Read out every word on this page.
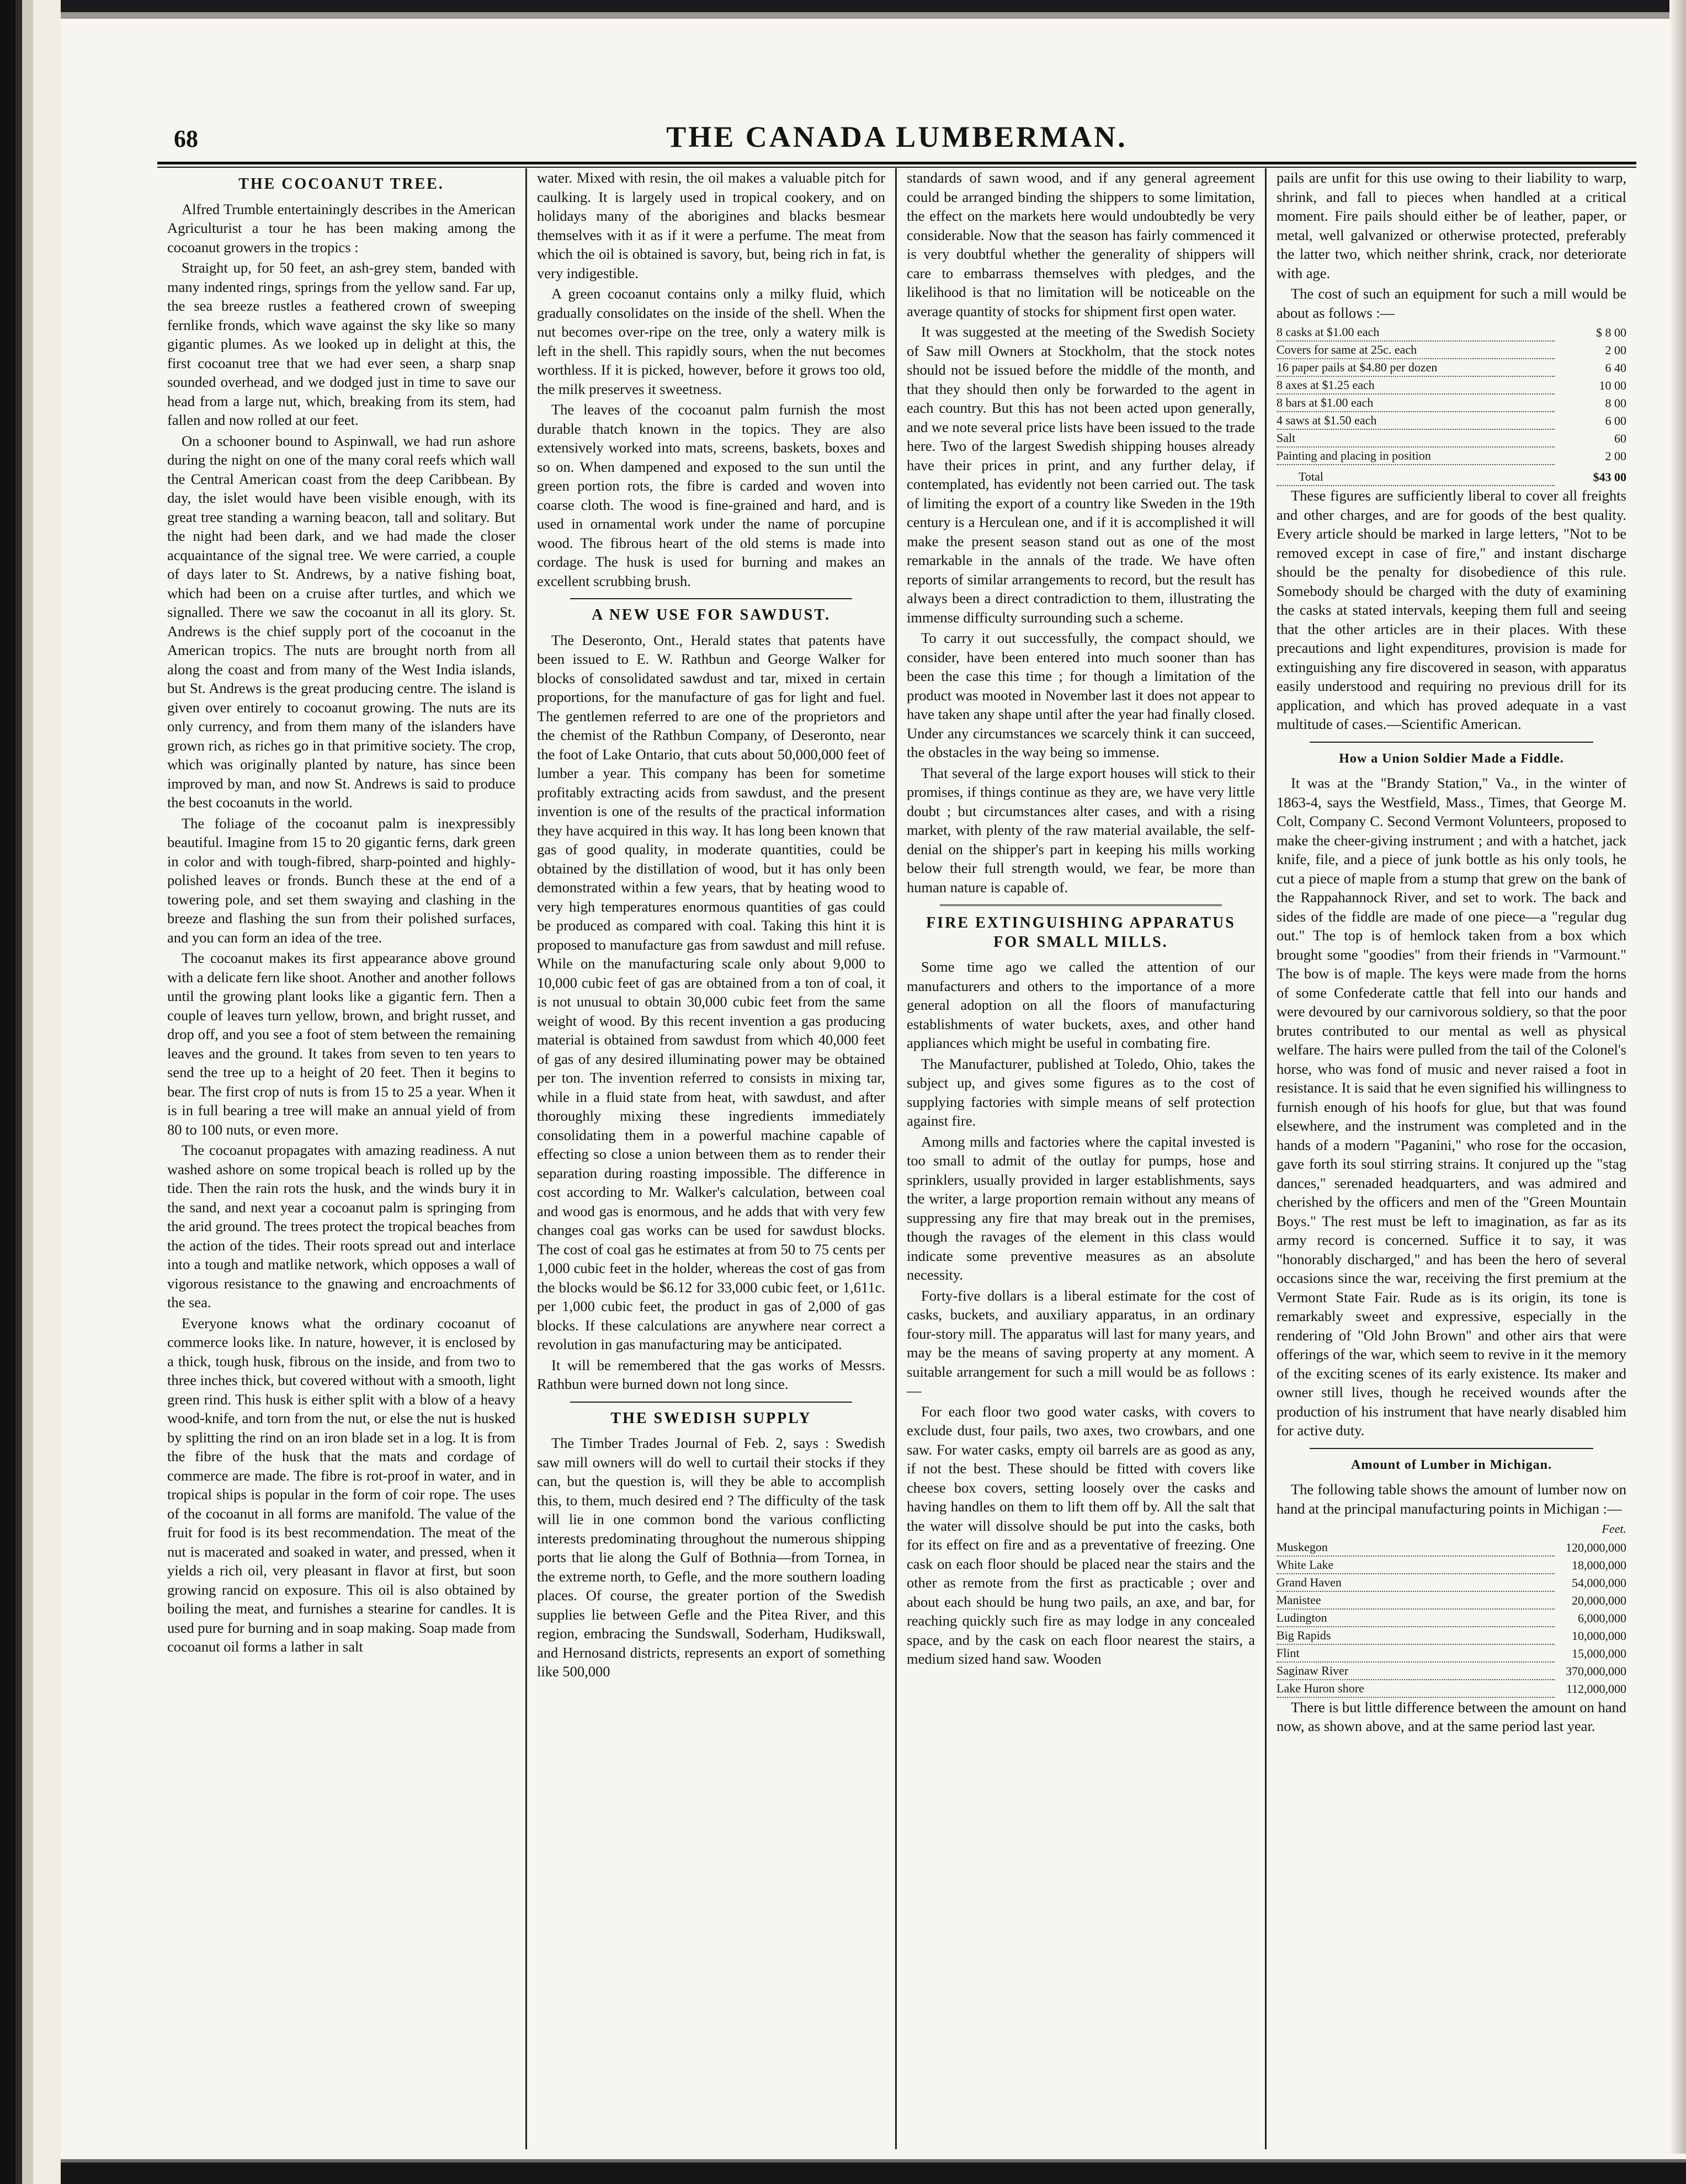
68	THE CANADA LUMBERMAN.
THE COCOANUT TREE.

Alfred Trumble entertainingly describes in the American Agriculturist a tour he has been making among the cocoanut growers in the tropics :

Straight up, for 50 feet, an ash-grey stem, banded with many indented rings, springs from the yellow sand. Far up, the sea breeze rustles a feathered crown of sweeping fernlike fronds, which wave against the sky like so many gigantic plumes. As we looked up in delight at this, the first cocoanut tree that we had ever seen, a sharp snap sounded overhead, and we dodged just in time to save our head from a large nut, which, breaking from its stem, had fallen and now rolled at our feet.

On a schooner bound to Aspinwall, we had run ashore during the night on one of the many coral reefs which wall the Central American coast from the deep Caribbean. By day, the islet would have been visible enough, with its great tree standing a warning beacon, tall and solitary. But the night had been dark, and we had made the closer acquaintance of the signal tree. We were carried, a couple of days later to St. Andrews, by a native fishing boat, which had been on a cruise after turtles, and which we signalled. There we saw the cocoanut in all its glory. St. Andrews is the chief supply port of the cocoanut in the American tropics. The nuts are brought north from all along the coast and from many of the West India islands, but St. Andrews is the great producing centre. The island is given over entirely to cocoanut growing. The nuts are its only currency, and from them many of the islanders have grown rich, as riches go in that primitive society. The crop, which was originally planted by nature, has since been improved by man, and now St. Andrews is said to produce the best cocoanuts in the world.

The foliage of the cocoanut palm is inexpressibly beautiful. Imagine from 15 to 20 gigantic ferns, dark green in color and with tough-fibred, sharp-pointed and highly-polished leaves or fronds. Bunch these at the end of a towering pole, and set them swaying and clashing in the breeze and flashing the sun from their polished surfaces, and you can form an idea of the tree.

The cocoanut makes its first appearance above ground with a delicate fern like shoot. Another and another follows until the growing plant looks like a gigantic fern. Then a couple of leaves turn yellow, brown, and bright russet, and drop off, and you see a foot of stem between the remaining leaves and the ground. It takes from seven to ten years to send the tree up to a height of 20 feet. Then it begins to bear. The first crop of nuts is from 15 to 25 a year. When it is in full bearing a tree will make an annual yield of from 80 to 100 nuts, or even more.

The cocoanut propagates with amazing readiness. A nut washed ashore on some tropical beach is rolled up by the tide. Then the rain rots the husk, and the winds bury it in the sand, and next year a cocoanut palm is springing from the arid ground. The trees protect the tropical beaches from the action of the tides. Their roots spread out and interlace into a tough and matlike network, which opposes a wall of vigorous resistance to the gnawing and encroachments of the sea.

Everyone knows what the ordinary cocoanut of commerce looks like. In nature, however, it is enclosed by a thick, tough husk, fibrous on the inside, and from two to three inches thick, but covered without with a smooth, light green rind. This husk is either split with a blow of a heavy wood-knife, and torn from the nut, or else the nut is husked by splitting the rind on an iron blade set in a log. It is from the fibre of the husk that the mats and cordage of commerce are made. The fibre is rot-proof in water, and in tropical ships is popular in the form of coir rope. The uses of the cocoanut in all forms are manifold. The value of the fruit for food is its best recommendation. The meat of the nut is macerated and soaked in water, and pressed, when it yields a rich oil, very pleasant in flavor at first, but soon growing rancid on exposure. This oil is also obtained by boiling the meat, and furnishes a stearine for candles. It is used pure for burning and in soap making. Soap made from cocoanut oil forms a lather in salt

water. Mixed with resin, the oil makes a valuable pitch for caulking. It is largely used in tropical cookery, and on holidays many of the aborigines and blacks besmear themselves with it as if it were a perfume. The meat from which the oil is obtained is savory, but, being rich in fat, is very indigestible.

A green cocoanut contains only a milky fluid, which gradually consolidates on the inside of the shell. When the nut becomes over-ripe on the tree, only a watery milk is left in the shell. This rapidly sours, when the nut becomes worthless. If it is picked, however, before it grows too old, the milk preserves it sweetness.

The leaves of the cocoanut palm furnish the most durable thatch known in the topics. They are also extensively worked into mats, screens, baskets, boxes and so on. When dampened and exposed to the sun until the green portion rots, the fibre is carded and woven into coarse cloth. The wood is fine-grained and hard, and is used in ornamental work under the name of porcupine wood. The fibrous heart of the old stems is made into cordage. The husk is used for burning and makes an excellent scrubbing brush.

A NEW USE FOR SAWDUST.

The Deseronto, Ont., Herald states that patents have been issued to E. W. Rathbun and George Walker for blocks of consolidated sawdust and tar, mixed in certain proportions, for the manufacture of gas for light and fuel. The gentlemen referred to are one of the proprietors and the chemist of the Rathbun Company, of Deseronto, near the foot of Lake Ontario, that cuts about 50,000,000 feet of lumber a year. This company has been for sometime profitably extracting acids from sawdust, and the present invention is one of the results of the practical information they have acquired in this way. It has long been known that gas of good quality, in moderate quantities, could be obtained by the distillation of wood, but it has only been demonstrated within a few years, that by heating wood to very high temperatures enormous quantities of gas could be produced as compared with coal. Taking this hint it is proposed to manufacture gas from sawdust and mill refuse. While on the manufacturing scale only about 9,000 to 10,000 cubic feet of gas are obtained from a ton of coal, it is not unusual to obtain 30,000 cubic feet from the same weight of wood. By this recent invention a gas producing material is obtained from sawdust from which 40,000 feet of gas of any desired illuminating power may be obtained per ton. The invention referred to consists in mixing tar, while in a fluid state from heat, with sawdust, and after thoroughly mixing these ingredients immediately consolidating them in a powerful machine capable of effecting so close a union between them as to render their separation during roasting impossible. The difference in cost according to Mr. Walker's calculation, between coal and wood gas is enormous, and he adds that with very few changes coal gas works can be used for sawdust blocks. The cost of coal gas he estimates at from 50 to 75 cents per 1,000 cubic feet in the holder, whereas the cost of gas from the blocks would be $6.12 for 33,000 cubic feet, or 1,611c. per 1,000 cubic feet, the product in gas of 2,000 of gas blocks. If these calculations are anywhere near correct a revolution in gas manufacturing may be anticipated.

It will be remembered that the gas works of Messrs. Rathbun were burned down not long since.

THE SWEDISH SUPPLY

The Timber Trades Journal of Feb. 2, says : Swedish saw mill owners will do well to curtail their stocks if they can, but the question is, will they be able to accomplish this, to them, much desired end ? The difficulty of the task will lie in one common bond the various conflicting interests predominating throughout the numerous shipping ports that lie along the Gulf of Bothnia—from Tornea, in the extreme north, to Gefle, and the more southern loading places. Of course, the greater portion of the Swedish supplies lie between Gefle and the Pitea River, and this region, embracing the Sundswall, Soderham, Hudikswall, and Hernosand districts, represents an export of something like 500,000

standards of sawn wood, and if any general agreement could be arranged binding the shippers to some limitation, the effect on the markets here would undoubtedly be very considerable. Now that the season has fairly commenced it is very doubtful whether the generality of shippers will care to embarrass themselves with pledges, and the likelihood is that no limitation will be noticeable on the average quantity of stocks for shipment first open water.

It was suggested at the meeting of the Swedish Society of Saw mill Owners at Stockholm, that the stock notes should not be issued before the middle of the month, and that they should then only be forwarded to the agent in each country. But this has not been acted upon generally, and we note several price lists have been issued to the trade here. Two of the largest Swedish shipping houses already have their prices in print, and any further delay, if contemplated, has evidently not been carried out. The task of limiting the export of a country like Sweden in the 19th century is a Herculean one, and if it is accomplished it will make the present season stand out as one of the most remarkable in the annals of the trade. We have often reports of similar arrangements to record, but the result has always been a direct contradiction to them, illustrating the immense difficulty surrounding such a scheme.

To carry it out successfully, the compact should, we consider, have been entered into much sooner than has been the case this time ; for though a limitation of the product was mooted in November last it does not appear to have taken any shape until after the year had finally closed. Under any circumstances we scarcely think it can succeed, the obstacles in the way being so immense.

That several of the large export houses will stick to their promises, if things continue as they are, we have very little doubt ; but circumstances alter cases, and with a rising market, with plenty of the raw material available, the self-denial on the shipper's part in keeping his mills working below their full strength would, we fear, be more than human nature is capable of.

FIRE EXTINGUISHING APPARATUS FOR SMALL MILLS.

Some time ago we called the attention of our manufacturers and others to the importance of a more general adoption on all the floors of manufacturing establishments of water buckets, axes, and other hand appliances which might be useful in combating fire.

The Manufacturer, published at Toledo, Ohio, takes the subject up, and gives some figures as to the cost of supplying factories with simple means of self protection against fire.

Among mills and factories where the capital invested is too small to admit of the outlay for pumps, hose and sprinklers, usually provided in larger establishments, says the writer, a large proportion remain without any means of suppressing any fire that may break out in the premises, though the ravages of the element in this class would indicate some preventive measures as an absolute necessity.

Forty-five dollars is a liberal estimate for the cost of casks, buckets, and auxiliary apparatus, in an ordinary four-story mill. The apparatus will last for many years, and may be the means of saving property at any moment. A suitable arrangement for such a mill would be as follows :—

For each floor two good water casks, with covers to exclude dust, four pails, two axes, two crowbars, and one saw. For water casks, empty oil barrels are as good as any, if not the best. These should be fitted with covers like cheese box covers, setting loosely over the casks and having handles on them to lift them off by. All the salt that the water will dissolve should be put into the casks, both for its effect on fire and as a preventative of freezing. One cask on each floor should be placed near the stairs and the other as remote from the first as practicable ; over and about each should be hung two pails, an axe, and bar, for reaching quickly such fire as may lodge in any concealed space, and by the cask on each floor nearest the stairs, a medium sized hand saw. Wooden

pails are unfit for this use owing to their liability to warp, shrink, and fall to pieces when handled at a critical moment. Fire pails should either be of leather, paper, or metal, well galvanized or otherwise protected, preferably the latter two, which neither shrink, crack, nor deteriorate with age.

The cost of such an equipment for such a mill would be about as follows :—

8 casks at $1.00 each	$ 8 00
Covers for same at 25c. each	2 00
16 paper pails at $4.80 per dozen	6 40
8 axes at $1.25 each	10 00
8 bars at $1.00 each	8 00
4 saws at $1.50 each	6 00
Salt	60
Painting and placing in position	2 00
Total	$43 00

These figures are sufficiently liberal to cover all freights and other charges, and are for goods of the best quality. Every article should be marked in large letters, "Not to be removed except in case of fire," and instant discharge should be the penalty for disobedience of this rule. Somebody should be charged with the duty of examining the casks at stated intervals, keeping them full and seeing that the other articles are in their places. With these precautions and light expenditures, provision is made for extinguishing any fire discovered in season, with apparatus easily understood and requiring no previous drill for its application, and which has proved adequate in a vast multitude of cases.—Scientific American.

How a Union Soldier Made a Fiddle.

It was at the "Brandy Station," Va., in the winter of 1863-4, says the Westfield, Mass., Times, that George M. Colt, Company C. Second Vermont Volunteers, proposed to make the cheer-giving instrument ; and with a hatchet, jack knife, file, and a piece of junk bottle as his only tools, he cut a piece of maple from a stump that grew on the bank of the Rappahannock River, and set to work. The back and sides of the fiddle are made of one piece—a "regular dug out." The top is of hemlock taken from a box which brought some "goodies" from their friends in "Varmount." The bow is of maple. The keys were made from the horns of some Confederate cattle that fell into our hands and were devoured by our carnivorous soldiery, so that the poor brutes contributed to our mental as well as physical welfare. The hairs were pulled from the tail of the Colonel's horse, who was fond of music and never raised a foot in resistance. It is said that he even signified his willingness to furnish enough of his hoofs for glue, but that was found elsewhere, and the instrument was completed and in the hands of a modern "Paganini," who rose for the occasion, gave forth its soul stirring strains. It conjured up the "stag dances," serenaded headquarters, and was admired and cherished by the officers and men of the "Green Mountain Boys." The rest must be left to imagination, as far as its army record is concerned. Suffice it to say, it was "honorably discharged," and has been the hero of several occasions since the war, receiving the first premium at the Vermont State Fair. Rude as is its origin, its tone is remarkably sweet and expressive, especially in the rendering of "Old John Brown" and other airs that were offerings of the war, which seem to revive in it the memory of the exciting scenes of its early existence. Its maker and owner still lives, though he received wounds after the production of his instrument that have nearly disabled him for active duty.

Amount of Lumber in Michigan.

The following table shows the amount of lumber now on hand at the principal manufacturing points in Michigan :—

Feet.
Muskegon	120,000,000
White Lake	18,000,000
Grand Haven	54,000,000
Manistee	20,000,000
Ludington	6,000,000
Big Rapids	10,000,000
Flint	15,000,000
Saginaw River	370,000,000
Lake Huron shore	112,000,000

There is but little difference between the amount on hand now, as shown above, and at the same period last year.
